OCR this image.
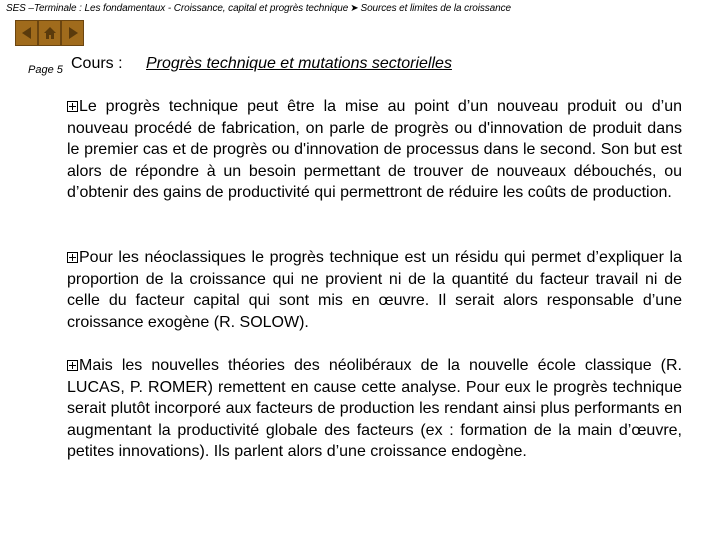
SES –Terminale : Les fondamentaux - Croissance, capital et progrès technique ➤ Sources et limites de la croissance
Page 5 Cours : Progrès technique et mutations sectorielles
Le progrès technique peut être la mise au point d’un nouveau produit ou d’un nouveau procédé de fabrication, on parle de progrès ou d'innovation de produit dans le premier cas et de progrès ou d'innovation de processus dans le second. Son but est alors de répondre à un besoin permettant de trouver de nouveaux débouchés, ou d’obtenir des gains de productivité qui permettront de réduire les coûts de production.
Pour les néoclassiques le progrès technique est un résidu qui permet d’expliquer la proportion de la croissance qui ne provient ni de la quantité du facteur travail ni de celle du facteur capital qui sont mis en œuvre. Il serait alors responsable d’une croissance exogène (R. SOLOW).
Mais les nouvelles théories des néolibéraux de la nouvelle école classique (R. LUCAS, P. ROMER) remettent en cause cette analyse. Pour eux le progrès technique serait plutôt incorporé aux facteurs de production les rendant ainsi plus performants en augmentant la productivité globale des facteurs (ex : formation de la main d’œuvre, petites innovations). Ils parlent alors d’une croissance endogène.
